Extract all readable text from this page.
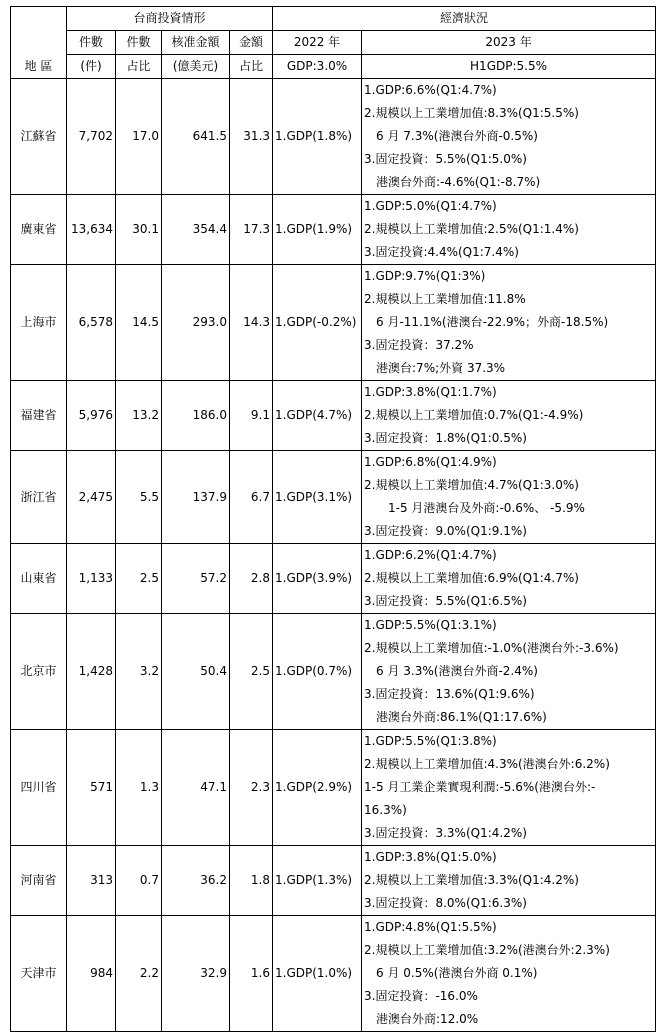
地 區	台商投資情形				經濟狀況	

	件數	件數	核准金額	金額	2022 年	2023 年

	(件)	占比	(億美元)	占比	GDP:3.0%	H1GDP:5.5%
江蘇省	7,702	17.0	641.5	31.3	1.GDP(1.8%)	1.GDP:6.6%(Q1:4.7%)
2.規模以上工業增加值:8.3%(Q1:5.5%)
　6 月 7.3%(港澳台外商-0.5%)
3.固定投資：5.5%(Q1:5.0%)
　港澳台外商:-4.6%(Q1:-8.7%)

廣東省	13,634	30.1	354.4	17.3	1.GDP(1.9%)	1.GDP:5.0%(Q1:4.7%)
2.規模以上工業增加值:2.5%(Q1:1.4%)
3.固定投資:4.4%(Q1:7.4%)

上海市	6,578	14.5	293.0	14.3	1.GDP(-0.2%)	1.GDP:9.7%(Q1:3%)
2.規模以上工業增加值:11.8%
　6 月-11.1%(港澳台-22.9%；外商-18.5%)
3.固定投資：37.2%
　港澳台:7%;外資 37.3%

福建省	5,976	13.2	186.0	9.1	1.GDP(4.7%)	1.GDP:3.8%(Q1:1.7%)
2.規模以上工業增加值:0.7%(Q1:-4.9%)
3.固定投資：1.8%(Q1:0.5%)

浙江省	2,475	5.5	137.9	6.7	1.GDP(3.1%)	1.GDP:6.8%(Q1:4.9%)
2.規模以上工業增加值:4.7%(Q1:3.0%)
　　1-5 月港澳台及外商:-0.6%、 -5.9%
3.固定投資：9.0%(Q1:9.1%)

山東省	1,133	2.5	57.2	2.8	1.GDP(3.9%)	1.GDP:6.2%(Q1:4.7%)
2.規模以上工業增加值:6.9%(Q1:4.7%)
3.固定投資：5.5%(Q1:6.5%)

北京市	1,428	3.2	50.4	2.5	1.GDP(0.7%)	1.GDP:5.5%(Q1:3.1%)
2.規模以上工業增加值:-1.0%(港澳台外:-3.6%)
　6 月 3.3%(港澳台外商-2.4%)
3.固定投資：13.6%(Q1:9.6%)
　港澳台外商:86.1%(Q1:17.6%)

四川省	571	1.3	47.1	2.3	1.GDP(2.9%)	1.GDP:5.5%(Q1:3.8%)
2.規模以上工業增加值:4.3%(港澳台外:6.2%)
1-5 月工業企業實現利潤:-5.6%(港澳台外:-
16.3%)
3.固定投資：3.3%(Q1:4.2%)

河南省	313	0.7	36.2	1.8	1.GDP(1.3%)	1.GDP:3.8%(Q1:5.0%)
2.規模以上工業增加值:3.3%(Q1:4.2%)
3.固定投資：8.0%(Q1:6.3%)

天津市	984	2.2	32.9	1.6	1.GDP(1.0%)	1.GDP:4.8%(Q1:5.5%)
2.規模以上工業增加值:3.2%(港澳台外:2.3%)
　6 月 0.5%(港澳台外商 0.1%)
3.固定投資：-16.0%
　港澳台外商:12.0%
